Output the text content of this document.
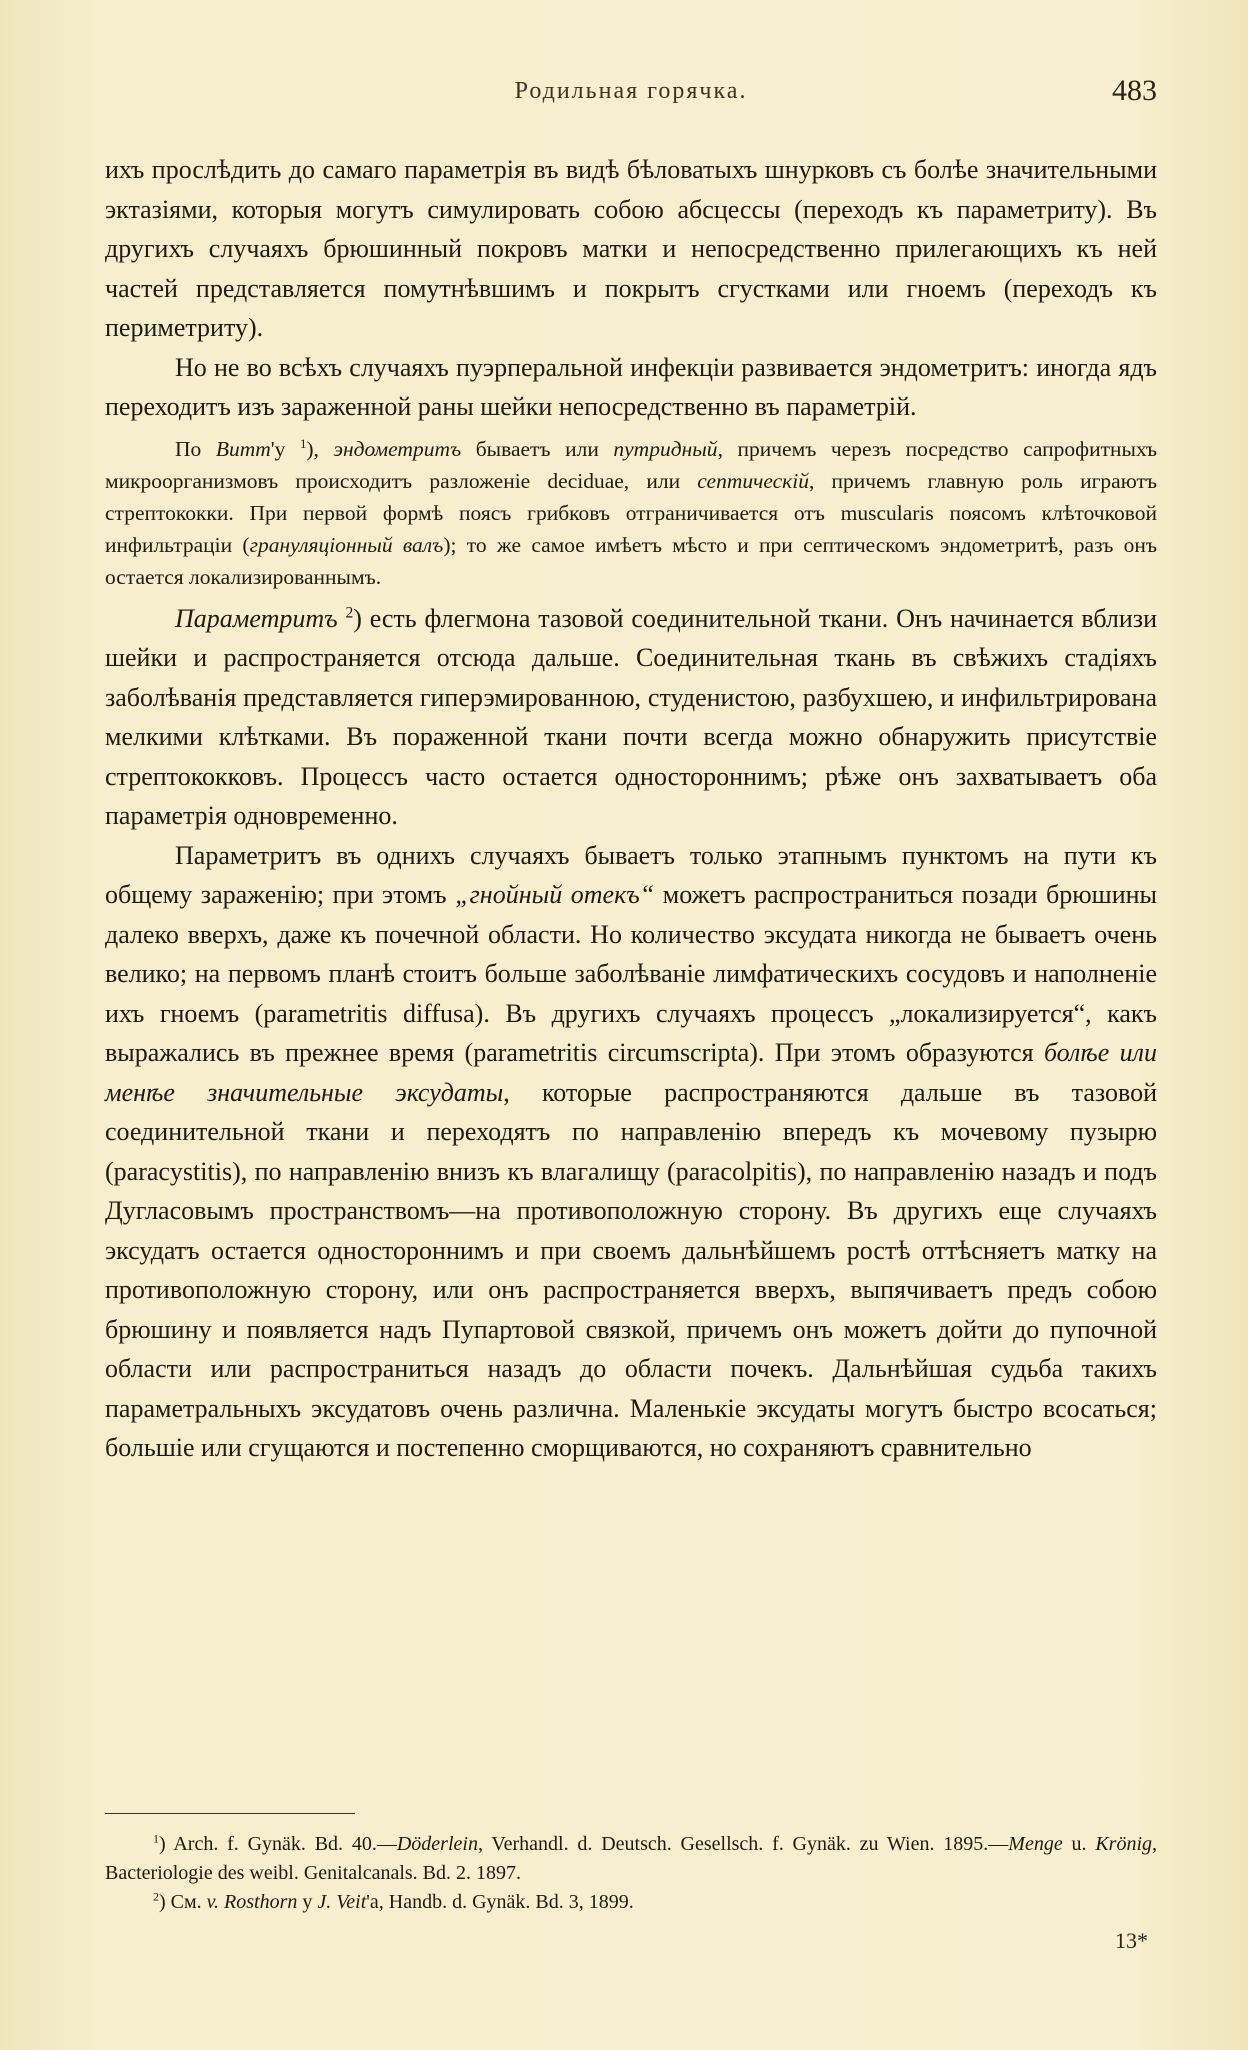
Родильная горячка.	483

ихъ прослѣдить до самаго параметрія въ видѣ бѣловатыхъ шнурковъ съ болѣе значительными эктазіями, которыя могутъ симулировать собою абсцессы (переходъ къ параметриту). Въ другихъ случаяхъ брюшинный покровъ матки и непосредственно прилегающихъ къ ней частей представляется помутнѣвшимъ и покрытъ сгустками или гноемъ (переходъ къ периметриту).

Но не во всѣхъ случаяхъ пуэрперальной инфекціи развивается эндометритъ: иногда ядъ переходитъ изъ зараженной раны шейки непосредственно въ параметрій.

По Витт'у $^1$), эндометритъ бываетъ или путридный, причемъ черезъ посредство сапрофитныхъ микроорганизмовъ происходитъ разложеніе decіduae, или септическій, причемъ главную роль играютъ стрептококки. При первой формѣ поясъ грибковъ отграничивается отъ musculаris поясомъ клѣточковой инфильтраціи (грануляціонный валъ); то же самое имѣетъ мѣсто и при септическомъ эндометритѣ, разъ онъ остается локализированнымъ.

Параметритъ $^2$) есть флегмона тазовой соединительной ткани. Онъ начинается вблизи шейки и распространяется отсюда дальше. Соединительная ткань въ свѣжихъ стадіяхъ заболѣванія представляется гиперэмированною, студенистою, разбухшею, и инфильтрирована мелкими клѣтками. Въ пораженной ткани почти всегда можно обнаружить присутствіе стрептококковъ. Процессъ часто остается одностороннимъ; рѣже онъ захватываетъ оба параметрія одновременно.

Параметритъ въ однихъ случаяхъ бываетъ только этапнымъ пунктомъ на пути къ общему зараженію; при этомъ „гнойный отекъ“ можетъ распространиться позади брюшины далеко вверхъ, даже къ почечной области. Но количество эксудата никогда не бываетъ очень велико; на первомъ планѣ стоитъ больше заболѣваніе лимфатическихъ сосудовъ и наполненіе ихъ гноемъ (parametritis diffusa). Въ другихъ случаяхъ процессъ „локализируется“, какъ выражались въ прежнее время (parametritis circumscripta). При этомъ образуются болѣе или менѣе значительные эксудаты, которые распространяются дальше въ тазовой соединительной ткани и переходятъ по направленію впередъ къ мочевому пузырю (paracystitis), по направленію внизъ къ влагалищу (paracolpitis), по направленію назадъ и подъ Дугласовымъ пространствомъ—на противоположную сторону. Въ другихъ еще случаяхъ эксудатъ остается одностороннимъ и при своемъ дальнѣйшемъ ростѣ оттѣсняетъ матку на противоположную сторону, или онъ распространяется вверхъ, выпячиваетъ предъ собою брюшину и появляется надъ Пупартовой связкой, причемъ онъ можетъ дойти до пупочной области или распространиться назадъ до области почекъ. Дальнѣйшая судьба такихъ параметральныхъ эксудатовъ очень различна. Маленькіе эксудаты могутъ быстро всосаться; большіе или сгущаются и постепенно сморщиваются, но сохраняютъ сравнительно

$^1$) Arch. f. Gynäk. Bd. 40.—Döderlein, Verhandl. d. Deutsch. Gesellsch. f. Gynäk. zu Wien. 1895.—Menge u. Krönig, Bacteriologie des weibl. Genitalcanals. Bd. 2. 1897.

$^2$) См. v. Rosthorn у J. Veit'а, Handb. d. Gynäk. Bd. 3, 1899.

13*
